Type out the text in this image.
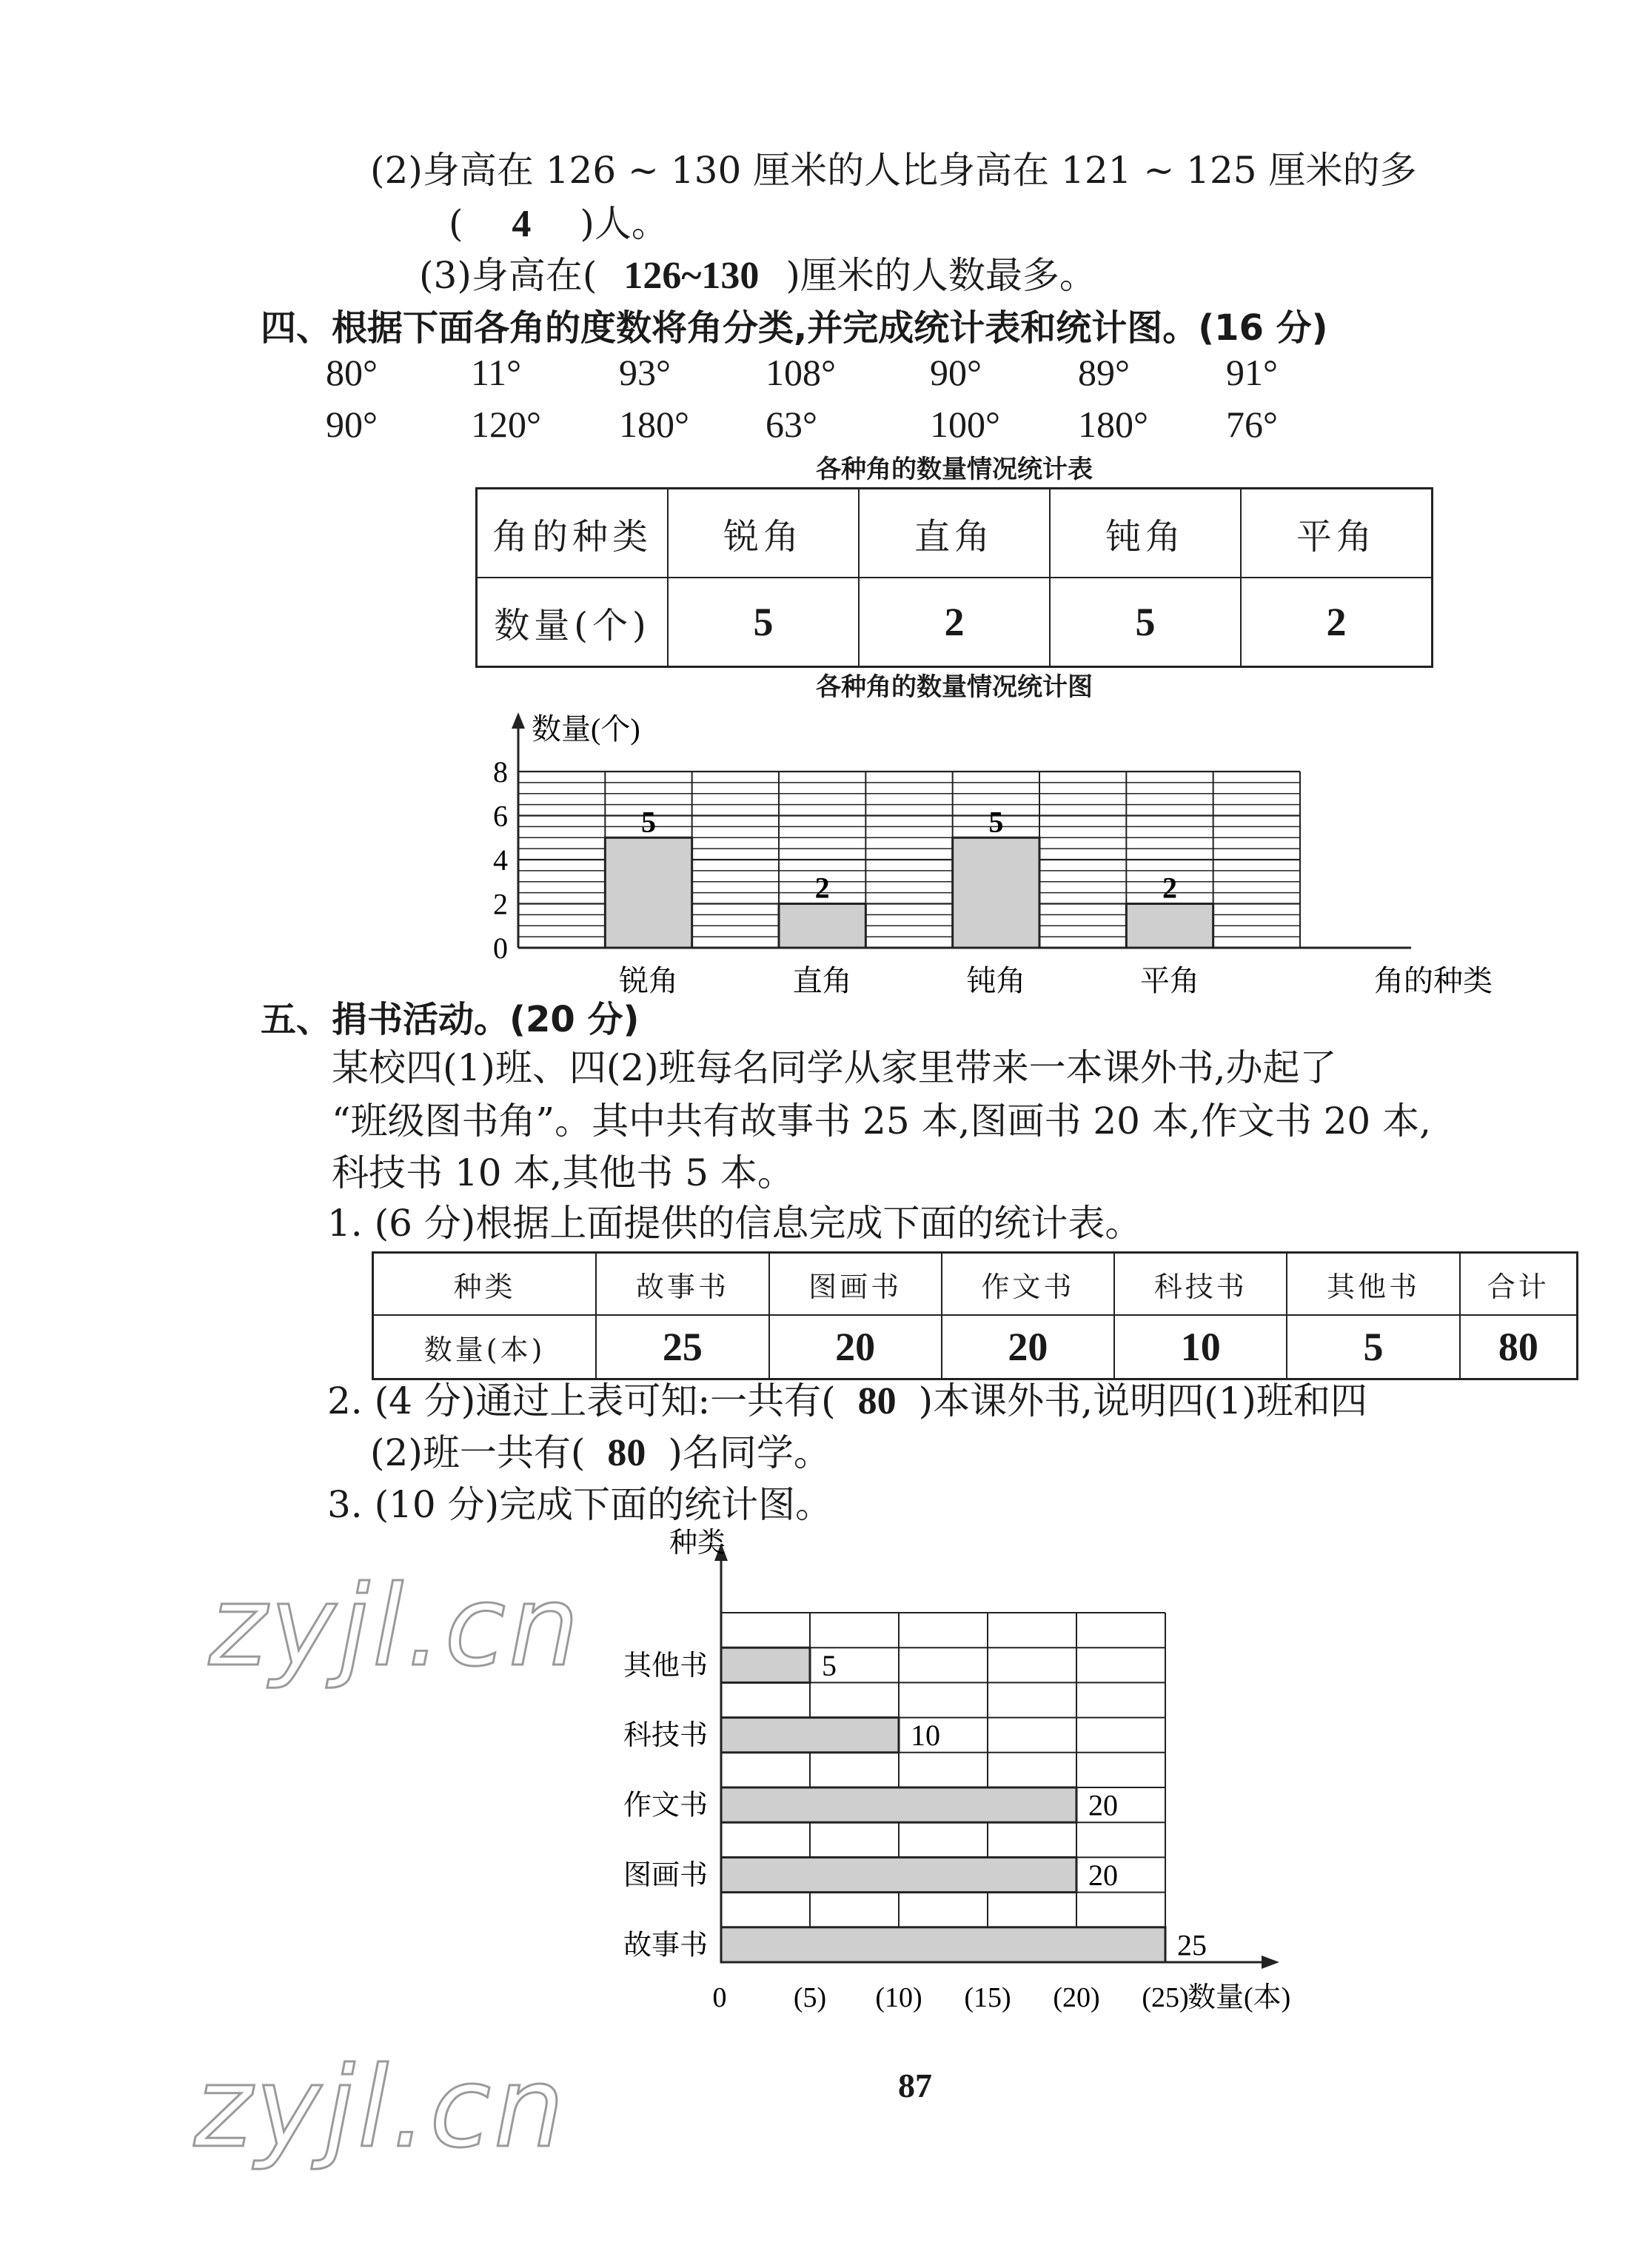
(2)身高在 126 ~ 130 厘米的人比身高在 121 ~ 125 厘米的多
( 4 )人。
(3)身高在( 126~130 )厘米的人数最多。
四、根据下面各角的度数将角分类,并完成统计表和统计图。(16 分)
80°	11°	93°	108°	90°	89°	91°
90°	120° 180° 63°	100° 180° 76°
各种角的数量情况统计表
角的种类	锐角	直角	钝角	平角
数量(个)	5	2	5	2
各种角的数量情况统计图
0
2
4
6
8
数量(个)
角的种类
5
锐角
2
直角
5
钝角
2
平角
五、捐书活动。(20 分)
某校四(1)班、四(2)班每名同学从家里带来一本课外书,办起了
“班级图书角”。其中共有故事书 25 本,图画书 20 本,作文书 20 本,
科技书 10 本,其他书 5 本。
1. (6 分)根据上面提供的信息完成下面的统计表。
种类	故事书	图画书	作文书	科技书	其他书	合计
数量(本)	25	20	20	10	5	80
2. (4 分)通过上表可知:一共有( 80 )本课外书,说明四(1)班和四
(2)班一共有( 80 )名同学。
3. (10 分)完成下面的统计图。
种类
0 (5) (10) (15) (20) (25)
数量(本)
其他书	5
科技书	10
作文书	20
图画书	20
故事书	25
zyjl.cn
zyjl.cn	87
